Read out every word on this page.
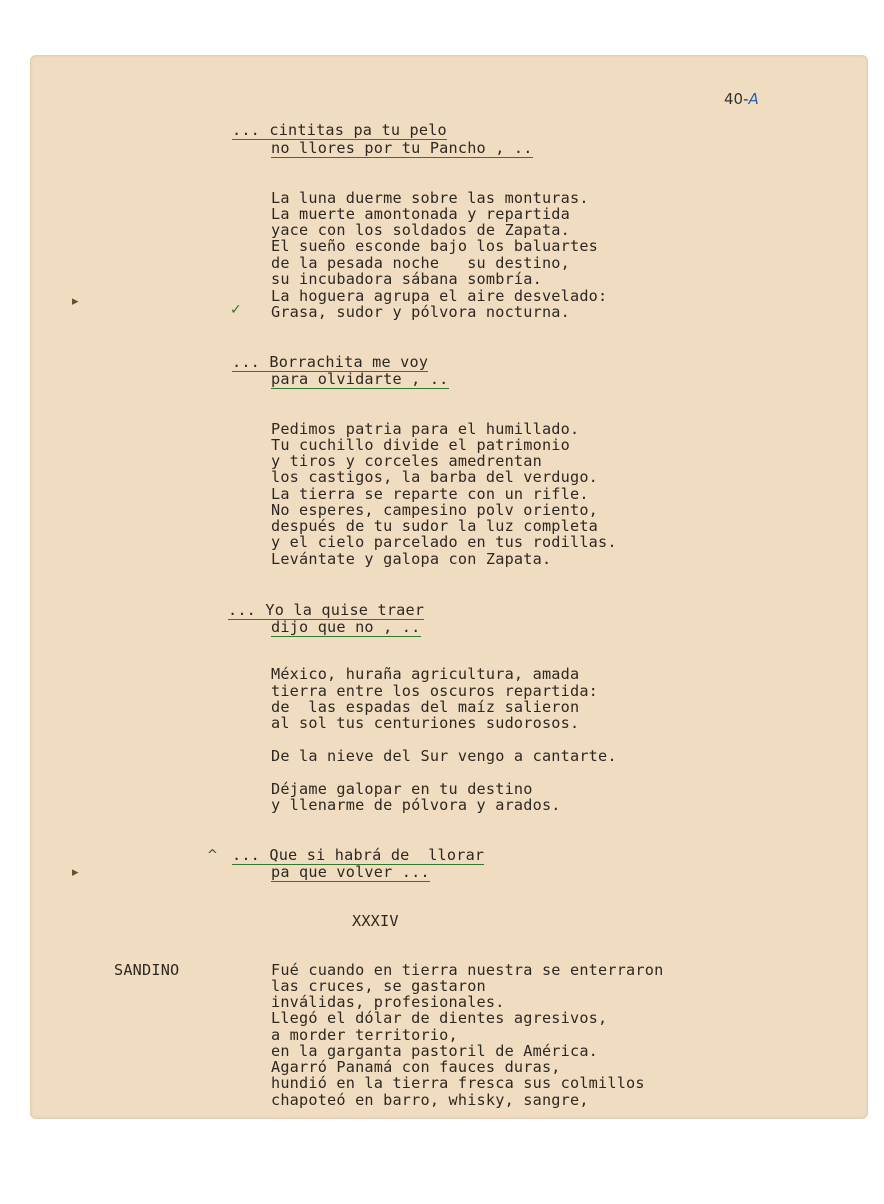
40-A
▸
▸
✓
^
... cintitas pa tu pelo
no llores por tu Pancho , ..
La luna duerme sobre las monturas.
La muerte amontonada y repartida
yace con los soldados de Zapata.
El sueño esconde bajo los baluartes
de la pesada noche   su destino,
su incubadora sábana sombría.
La hoguera agrupa el aire desvelado:
Grasa, sudor y pólvora nocturna.
... Borrachita me voy
para olvidarte , ..
Pedimos patria para el humillado.
Tu cuchillo divide el patrimonio
y tiros y corceles amedrentan
los castigos, la barba del verdugo.
La tierra se reparte con un rifle.
No esperes, campesino polv oriento,
después de tu sudor la luz completa
y el cielo parcelado en tus rodillas.
Levántate y galopa con Zapata.
... Yo la quise traer
dijo que no , ..
México, huraña agricultura, amada
tierra entre los oscuros repartida:
de  las espadas del maíz salieron
al sol tus centuriones sudorosos.
De la nieve del Sur vengo a cantarte.
Déjame galopar en tu destino
y llenarme de pólvora y arados.
... Que si habrá de  llorar
pa que volver ...
XXXIV
SANDINO	Fué cuando en tierra nuestra se enterraron
las cruces, se gastaron
inválidas, profesionales.
Llegó el dólar de dientes agresivos,
a morder territorio,
en la garganta pastoril de América.
Agarró Panamá con fauces duras,
hundió en la tierra fresca sus colmillos
chapoteó en barro, whisky, sangre,
